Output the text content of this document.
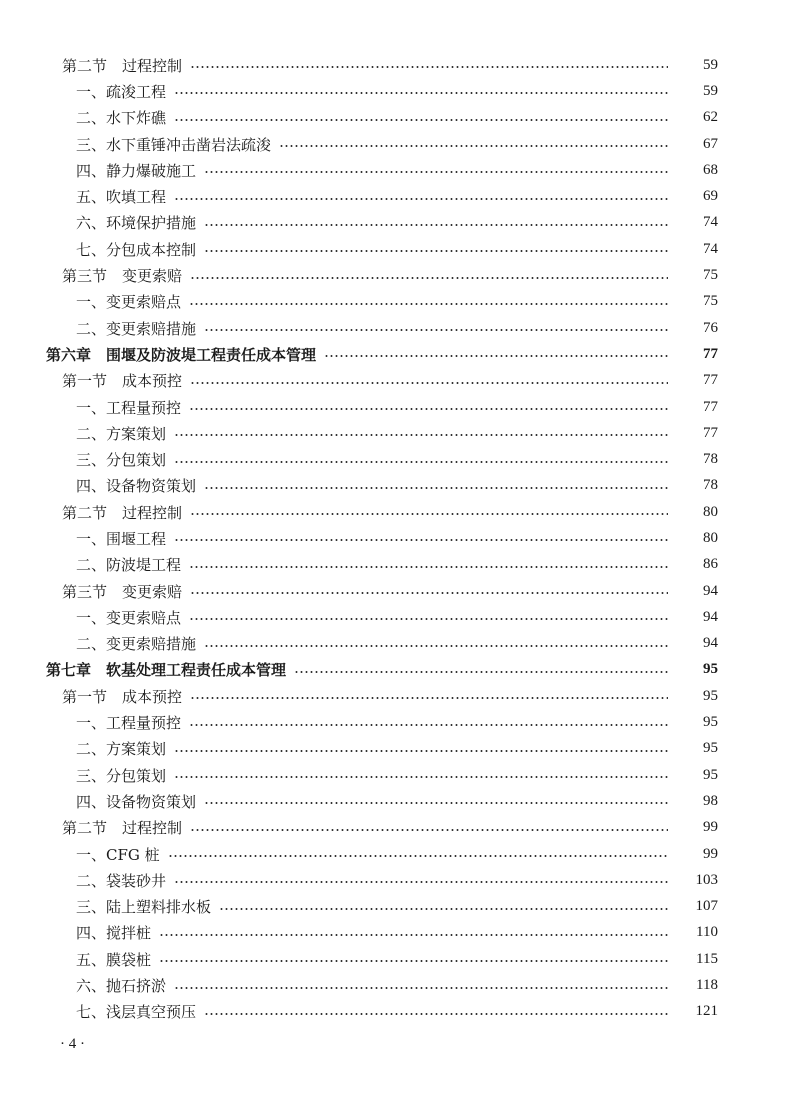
第二节　过程控制	59
一、疏浚工程	59
二、水下炸礁	62
三、水下重锤冲击凿岩法疏浚	67
四、静力爆破施工	68
五、吹填工程	69
六、环境保护措施	74
七、分包成本控制	74
第三节　变更索赔	75
一、变更索赔点	75
二、变更索赔措施	76
第六章　围堰及防波堤工程责任成本管理	77
第一节　成本预控	77
一、工程量预控	77
二、方案策划	77
三、分包策划	78
四、设备物资策划	78
第二节　过程控制	80
一、围堰工程	80
二、防波堤工程	86
第三节　变更索赔	94
一、变更索赔点	94
二、变更索赔措施	94
第七章　软基处理工程责任成本管理	95
第一节　成本预控	95
一、工程量预控	95
二、方案策划	95
三、分包策划	95
四、设备物资策划	98
第二节　过程控制	99
一、CFG 桩	99
二、袋装砂井	103
三、陆上塑料排水板	107
四、搅拌桩	110
五、膜袋桩	115
六、抛石挤淤	118
七、浅层真空预压	121
· 4 ·
